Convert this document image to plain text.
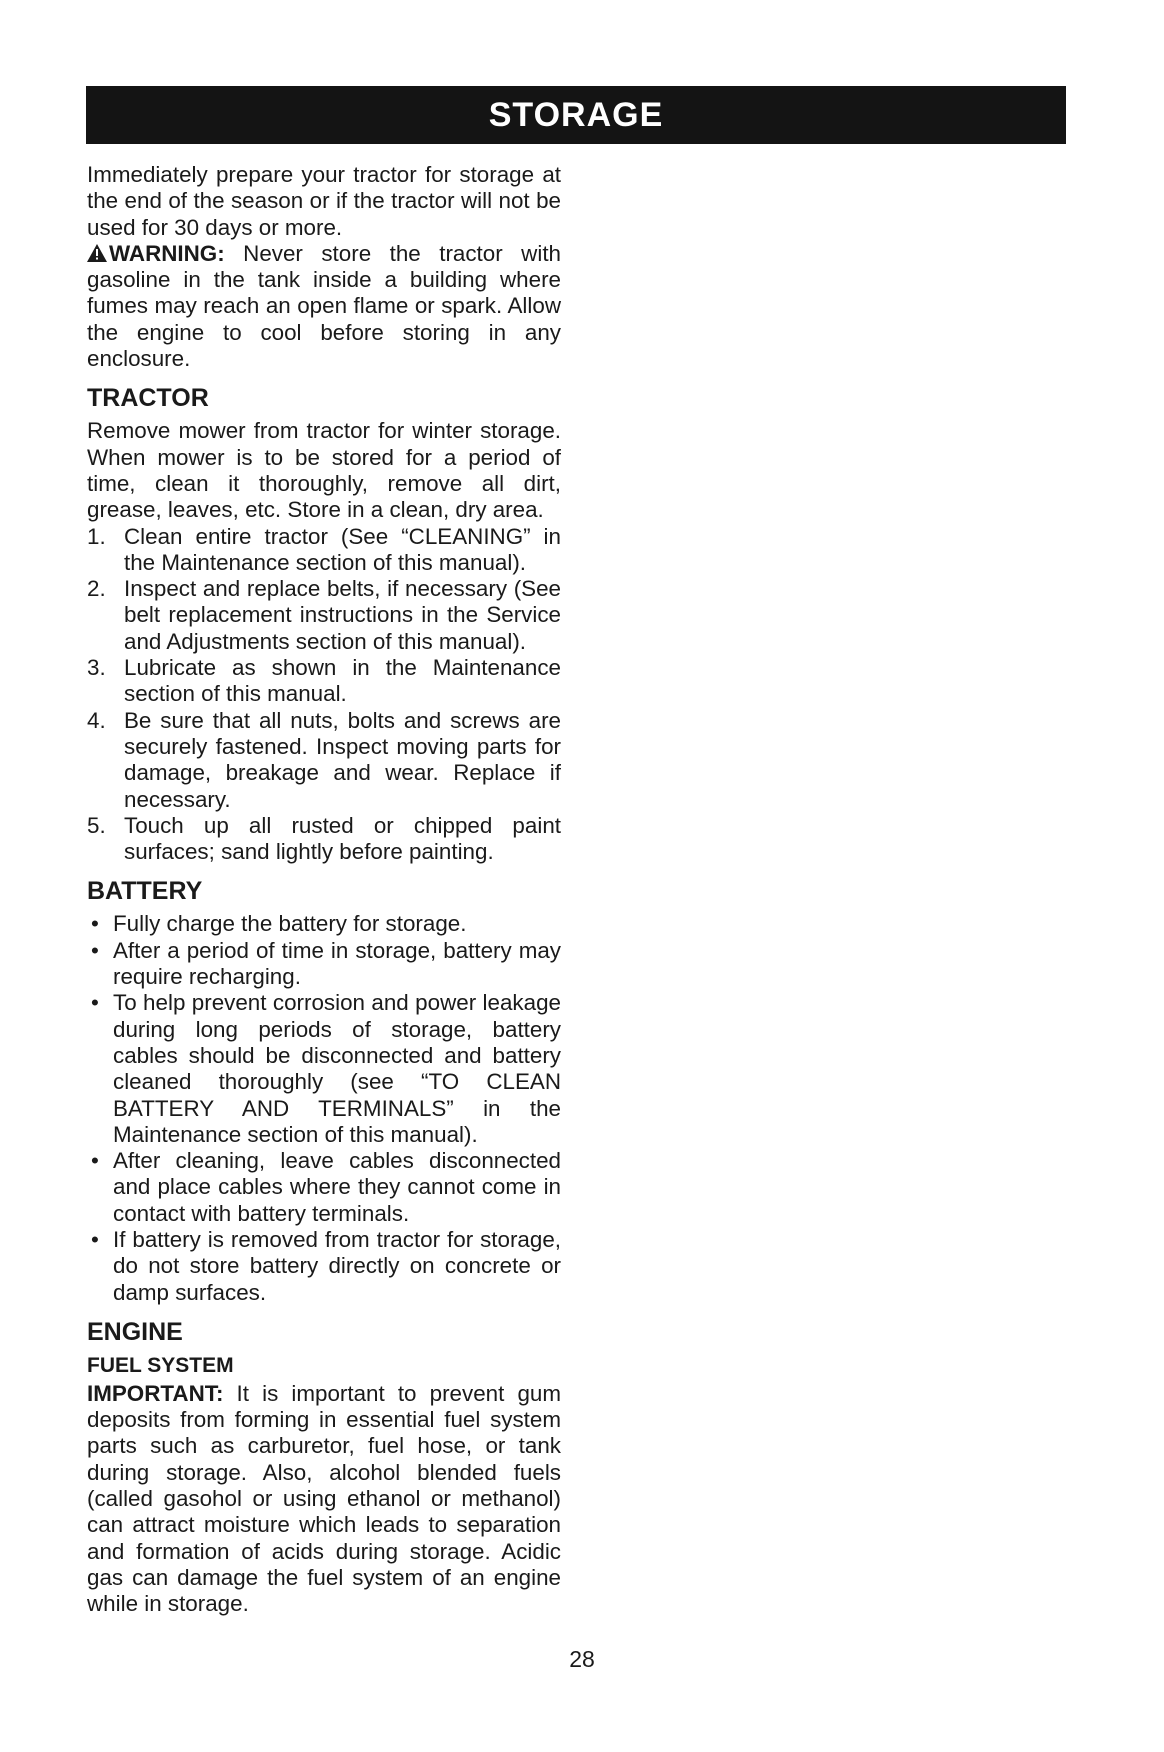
STORAGE

Immediately prepare your tractor for storage at the end of the season or if the tractor will not be used for 30 days or more.
WARNING: Never store the tractor with gasoline in the tank inside a building where fumes may reach an open flame or spark. Allow the engine to cool before storing in any enclosure.

TRACTOR

Remove mower from tractor for winter storage. When mower is to be stored for a period of time, clean it thoroughly, remove all dirt, grease, leaves, etc. Store in a clean, dry area.

1. Clean entire tractor (See “CLEANING” in the Maintenance section of this manual).
2. Inspect and replace belts, if necessary (See belt replacement instructions in the Service and Adjustments section of this manual).
3. Lubricate as shown in the Maintenance section of this manual.
4. Be sure that all nuts, bolts and screws are securely fastened. Inspect moving parts for damage, breakage and wear. Replace if necessary.
5. Touch up all rusted or chipped paint surfaces; sand lightly before painting.
BATTERY
• Fully charge the battery for storage.
• After a period of time in storage, battery may require recharging.
• To help prevent corrosion and power leakage during long periods of storage, battery cables should be disconnected and battery cleaned thoroughly (see “TO CLEAN BATTERY AND TERMINALS” in the Maintenance section of this manual).
• After cleaning, leave cables disconnected and place cables where they cannot come in contact with battery terminals.
• If battery is removed from tractor for storage, do not store battery directly on concrete or damp surfaces.
ENGINE
FUEL SYSTEM

IMPORTANT: It is important to prevent gum deposits from forming in essential fuel system parts such as carburetor, fuel hose, or tank during storage. Also, alcohol blended fuels (called gasohol or using ethanol or methanol) can attract moisture which leads to separation and formation of acids during storage. Acidic gas can damage the fuel system of an engine while in storage.

28
